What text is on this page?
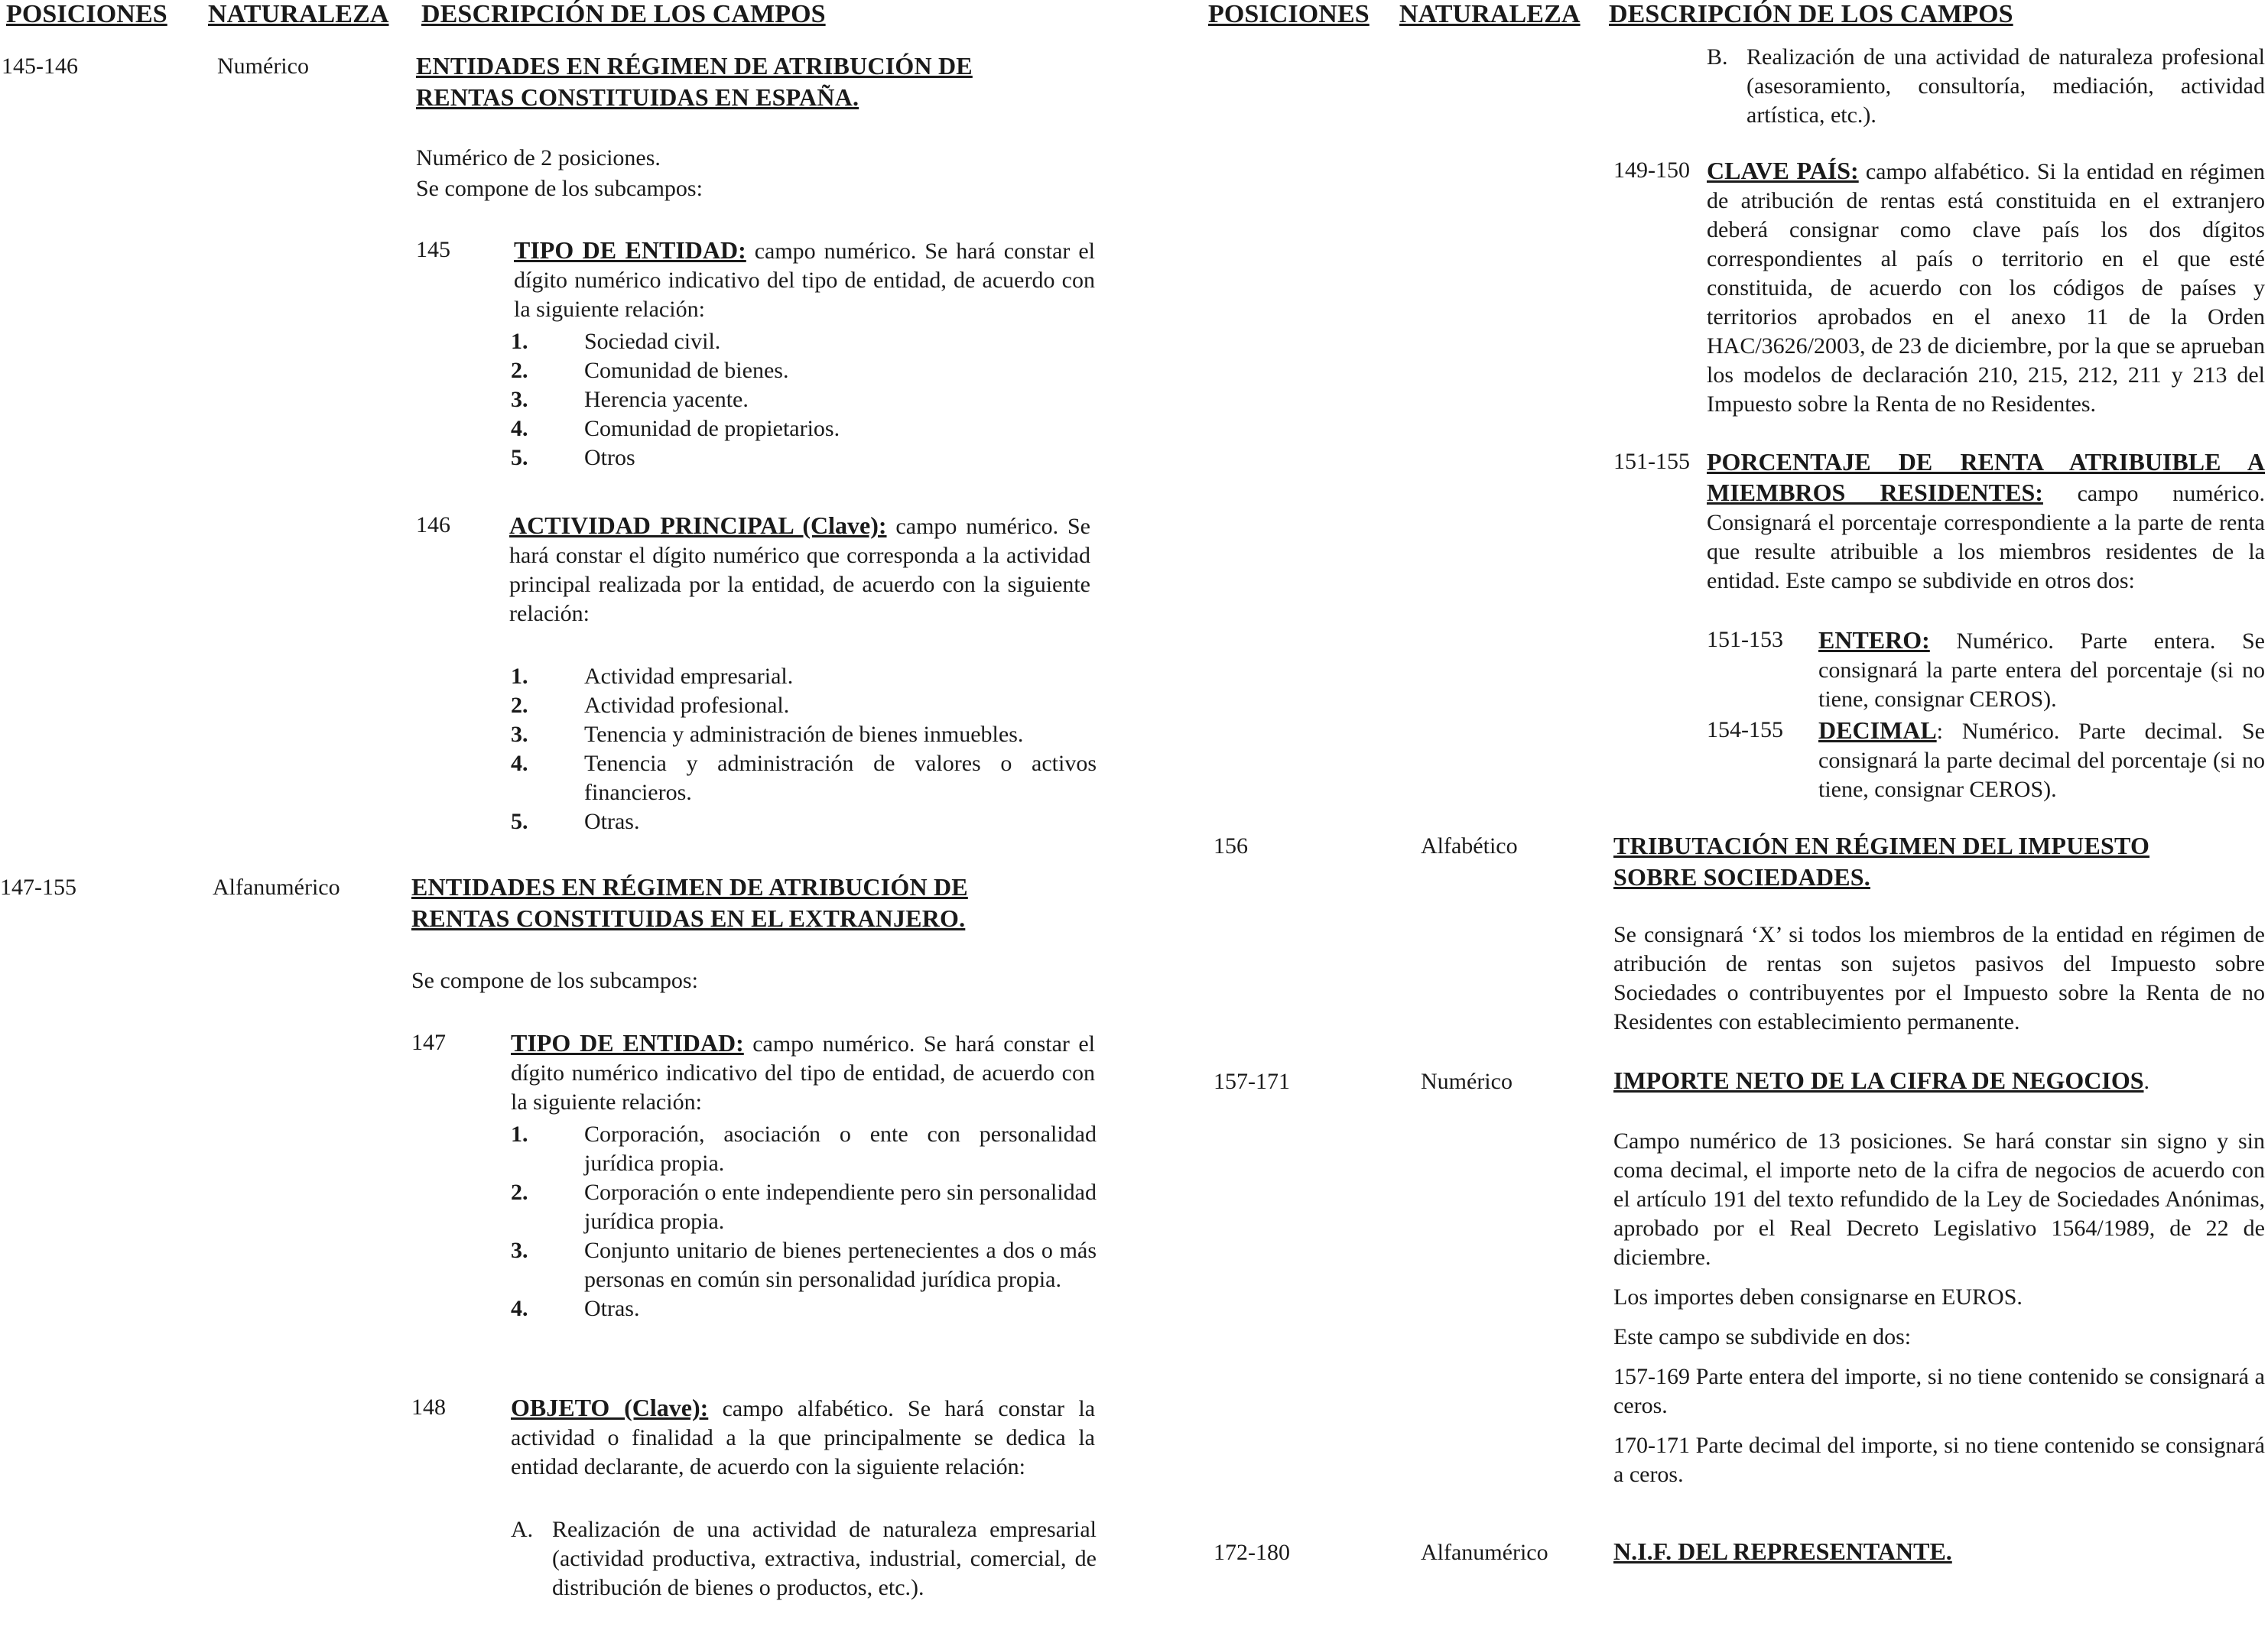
POSICIONES NATURALEZA DESCRIPCIÓN DE LOS CAMPOS
145-146	Numérico	ENTIDADES EN RÉGIMEN DE ATRIBUCIÓN DE
RENTAS CONSTITUIDAS EN ESPAÑA.
Numérico de 2 posiciones.
Se compone de los subcampos:
145	TIPO DE ENTIDAD: campo numérico. Se hará constar el dígito numérico indicativo del tipo de entidad, de acuerdo con la siguiente relación:
1. Sociedad civil.
2. Comunidad de bienes.
3. Herencia yacente.
4. Comunidad de propietarios.
5. Otros
146 ACTIVIDAD PRINCIPAL (Clave): campo numérico. Se hará constar el dígito numérico que corresponda a la actividad principal realizada por la entidad, de acuerdo con la siguiente relación:
1. Actividad empresarial.
2. Actividad profesional.
3. Tenencia y administración de bienes inmuebles.
4. Tenencia y administración de valores o activos financieros.
5. Otras.
147-155	Alfanumérico	ENTIDADES EN RÉGIMEN DE ATRIBUCIÓN DE
RENTAS CONSTITUIDAS EN EL EXTRANJERO.
Se compone de los subcampos:
147	TIPO DE ENTIDAD: campo numérico. Se hará constar el dígito numérico indicativo del tipo de entidad, de acuerdo con la siguiente relación:
1. Corporación, asociación o ente con personalidad jurídica propia.
2. Corporación o ente independiente pero sin personalidad jurídica propia.
3. Conjunto unitario de bienes pertenecientes a dos o más personas en común sin personalidad jurídica propia.
4. Otras.
148	OBJETO (Clave): campo alfabético. Se hará constar la actividad o finalidad a la que principalmente se dedica la entidad declarante, de acuerdo con la siguiente relación:
A. Realización de una actividad de naturaleza empresarial (actividad productiva, extractiva, industrial, comercial, de distribución de bienes o productos, etc.).
POSICIONES NATURALEZA DESCRIPCIÓN DE LOS CAMPOS
B. Realización de una actividad de naturaleza profesional (asesoramiento, consultoría, mediación, actividad artística, etc.).
149-150 CLAVE PAÍS: campo alfabético. Si la entidad en régimen de atribución de rentas está constituida en el extranjero deberá consignar como clave país los dos dígitos correspondientes al país o territorio en el que esté constituida, de acuerdo con los códigos de países y territorios aprobados en el anexo 11 de la Orden HAC/3626/2003, de 23 de diciembre, por la que se aprueban los modelos de declaración 210, 215, 212, 211 y 213 del Impuesto sobre la Renta de no Residentes.
151-155 PORCENTAJE DE RENTA ATRIBUIBLE A MIEMBROS RESIDENTES: campo numérico. Consignará el porcentaje correspondiente a la parte de renta que resulte atribuible a los miembros residentes de la entidad. Este campo se subdivide en otros dos:
151-153 ENTERO: Numérico. Parte entera. Se consignará la parte entera del porcentaje (si no tiene, consignar CEROS).
154-155 DECIMAL: Numérico. Parte decimal. Se consignará la parte decimal del porcentaje (si no tiene, consignar CEROS).
156	Alfabético	TRIBUTACIÓN EN RÉGIMEN DEL IMPUESTO
SOBRE SOCIEDADES.
Se consignará ‘X’ si todos los miembros de la entidad en régimen de atribución de rentas son sujetos pasivos del Impuesto sobre Sociedades o contribuyentes por el Impuesto sobre la Renta de no Residentes con establecimiento permanente.
157-171	Numérico	IMPORTE NETO DE LA CIFRA DE NEGOCIOS.

Campo numérico de 13 posiciones. Se hará constar sin signo y sin coma decimal, el importe neto de la cifra de negocios de acuerdo con el artículo 191 del texto refundido de la Ley de Sociedades Anónimas, aprobado por el Real Decreto Legislativo 1564/1989, de 22 de diciembre.

Los importes deben consignarse en EUROS.

Este campo se subdivide en dos:

157-169 Parte entera del importe, si no tiene contenido se consignará a ceros.

170-171 Parte decimal del importe, si no tiene contenido se consignará a ceros.

172-180	Alfanumérico	N.I.F. DEL REPRESENTANTE.
